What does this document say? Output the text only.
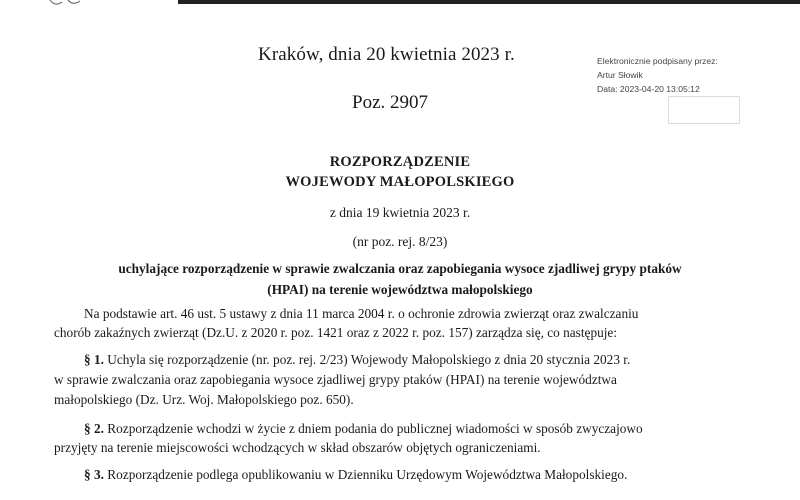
Kraków, dnia 20 kwietnia 2023 r.
Poz. 2907
Elektronicznie podpisany przez:
Artur Słowik
Data: 2023-04-20 13:05:12
ROZPORZĄDZENIE
WOJEWODY MAŁOPOLSKIEGO
z dnia 19 kwietnia 2023 r.
(nr poz. rej. 8/23)
uchylające rozporządzenie w sprawie zwalczania oraz zapobiegania wysoce zjadliwej grypy ptaków
(HPAI) na terenie województwa małopolskiego
Na podstawie art. 46 ust. 5 ustawy z dnia 11 marca 2004 r. o ochronie zdrowia zwierząt oraz zwalczaniu
chorób zakaźnych zwierząt (Dz.U. z 2020 r. poz. 1421 oraz z 2022 r. poz. 157) zarządza się, co następuje:
§ 1. Uchyla się rozporządzenie (nr. poz. rej. 2/23) Wojewody Małopolskiego z dnia 20 stycznia 2023 r.
w sprawie zwalczania oraz zapobiegania wysoce zjadliwej grypy ptaków (HPAI) na terenie województwa
małopolskiego (Dz. Urz. Woj. Małopolskiego poz. 650).
§ 2. Rozporządzenie wchodzi w życie z dniem podania do publicznej wiadomości w sposób zwyczajowo
przyjęty na terenie miejscowości wchodzących w skład obszarów objętych ograniczeniami.
§ 3. Rozporządzenie podlega opublikowaniu w Dzienniku Urzędowym Województwa Małopolskiego.
